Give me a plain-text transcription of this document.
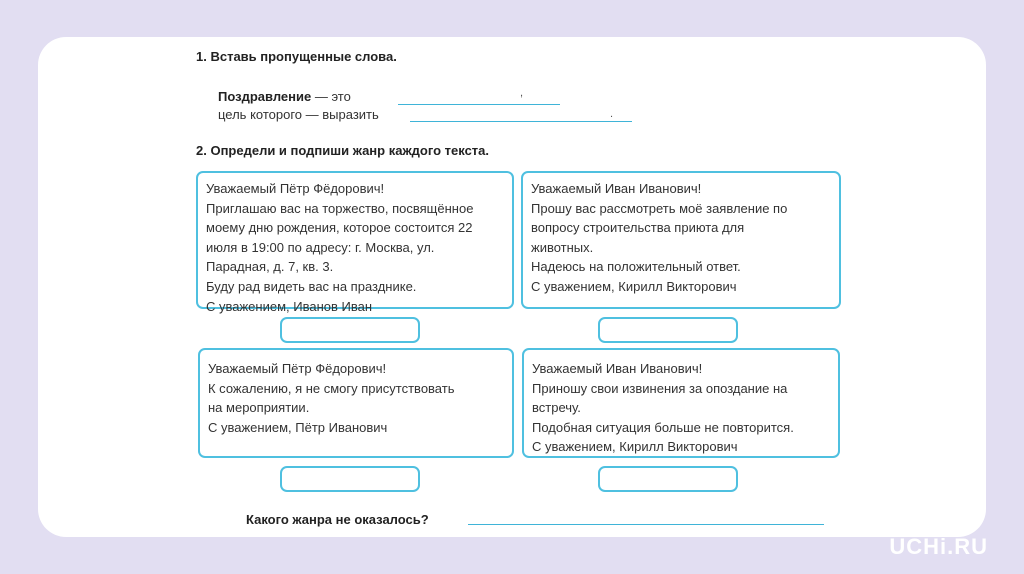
1. Вставь пропущенные слова.
Поздравление — это	,
цель которого — выразить	.
2. Определи и подпиши жанр каждого текста.
Уважаемый Пётр Фёдорович!
Приглашаю вас на торжество, посвящённое
моему дню рождения, которое состоится 22
июля в 19:00 по адресу: г. Москва, ул.
Парадная, д. 7, кв. 3.
Буду рад видеть вас на празднике.
С уважением, Иванов Иван
Уважаемый Иван Иванович!
Прошу вас рассмотреть моё заявление по
вопросу строительства приюта для
животных.
Надеюсь на положительный ответ.
С уважением, Кирилл Викторович
Уважаемый Пётр Фёдорович!
К сожалению, я не смогу присутствовать
на мероприятии.
С уважением, Пётр Иванович
Уважаемый Иван Иванович!
Приношу свои извинения за опоздание на
встречу.
Подобная ситуация больше не повторится.
С уважением, Кирилл Викторович
Какого жанра не оказалось?
UCHi.RU
